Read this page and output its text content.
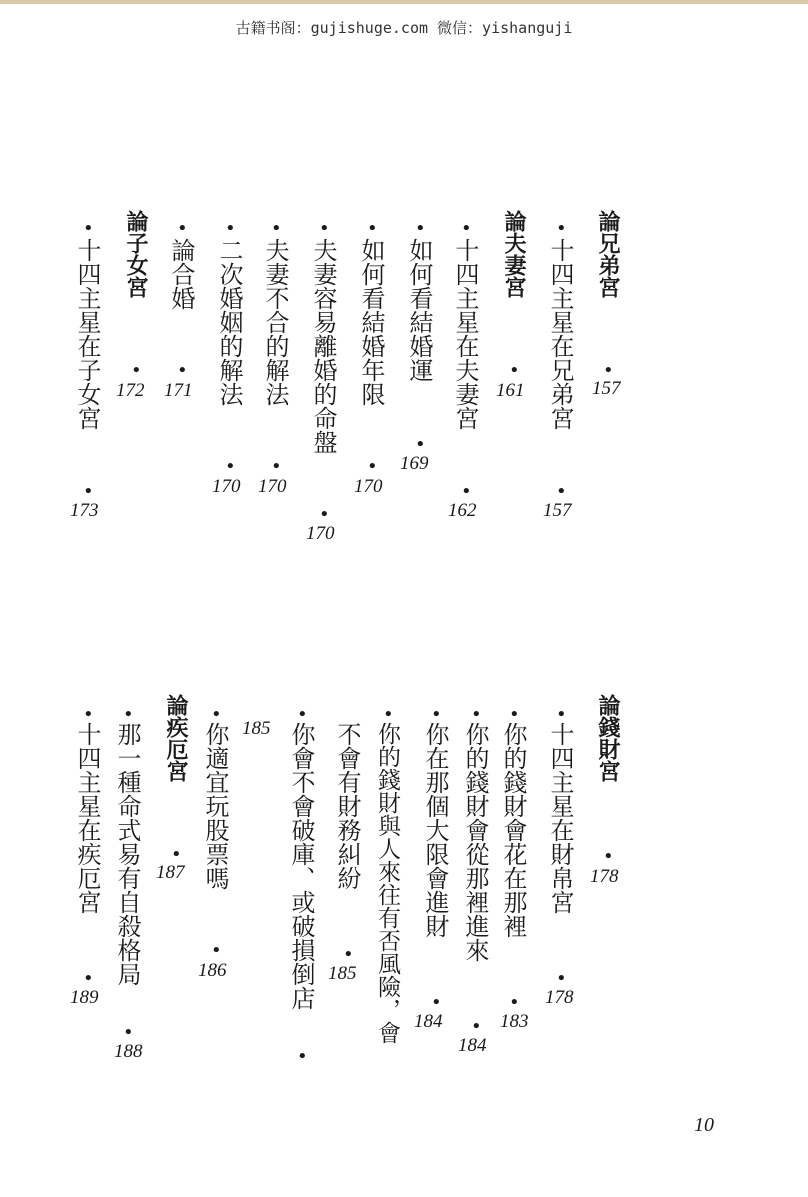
古籍书阁：gujishuge.com 微信：yishanguji
論兄弟宮
•
157
•
十四主星在兄弟宮
•
157
論夫妻宮
•
161
•
十四主星在夫妻宮
•
162
•
如何看結婚運
•
169
•
如何看結婚年限
•
170
•
夫妻容易離婚的命盤
•
170
•
夫妻不合的解法
•
170
•
二次婚姻的解法
•
170
•
論合婚
•
171
論子女宮
•
172
•
十四主星在子女宮
•
173
論錢財宮
•
178
•
十四主星在財帛宮
•
178
•
你的錢財會花在那裡
•
183
•
你的錢財會從那裡進來
•
184
•
你在那個大限會進財
•
184
•
你的錢財與人來往有否風險，會
不會有財務糾紛
•
185
•
你會不會破庫、或破損倒店
•
185
•
你適宜玩股票嗎
•
186
論疾厄宮
•
187
•
那一種命式易有自殺格局
•
188
•
十四主星在疾厄宮
•
189
10
